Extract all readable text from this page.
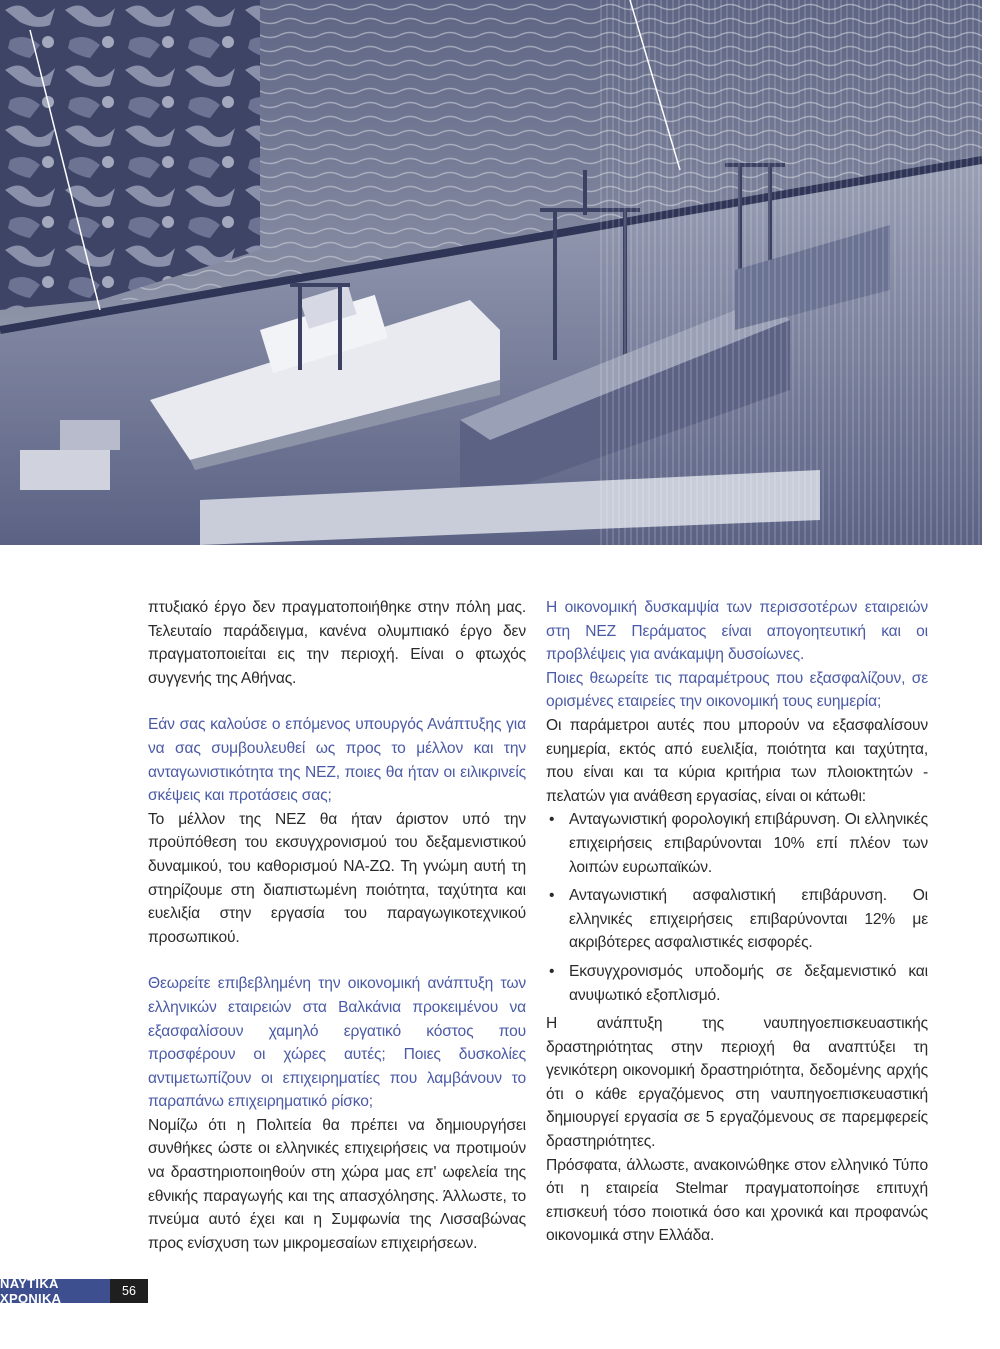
πτυξιακό έργο δεν πραγματοποιήθηκε στην πόλη μας. Τελευταίο παράδειγμα, κανένα ολυμπιακό έργο δεν πραγματοποιείται εις την περιοχή. Είναι ο φτωχός συγγενής της Αθήνας.

Εάν σας καλούσε ο επόμενος υπουργός Ανάπτυξης για να σας συμβουλευθεί ως προς το μέλλον και την ανταγωνιστικότητα της ΝΕΖ, ποιες θα ήταν οι ειλικρινείς σκέψεις και προτάσεις σας;

Το μέλλον της ΝΕΖ θα ήταν άριστον υπό την προϋπόθεση του εκσυγχρονισμού του δεξαμενιστικού δυναμικού, του καθορισμού ΝΑ-ΖΩ. Τη γνώμη αυτή τη στηρίζουμε στη διαπιστωμένη ποιότητα, ταχύτητα και ευελιξία στην εργασία του παραγωγικοτεχνικού προσωπικού.

Θεωρείτε επιβεβλημένη την οικονομική ανάπτυξη των ελληνικών εταιρειών στα Βαλκάνια προκειμένου να εξασφαλίσουν χαμηλό εργατικό κόστος που προσφέρουν οι χώρες αυτές; Ποιες δυσκολίες αντιμετωπίζουν οι επιχειρηματίες που λαμβάνουν το παραπάνω επιχειρηματικό ρίσκο;

Νομίζω ότι η Πολιτεία θα πρέπει να δημιουργήσει συνθήκες ώστε οι ελληνικές επιχειρήσεις να προτιμούν να δραστηριοποιηθούν στη χώρα μας επ' ωφελεία της εθνικής παραγωγής και της απασχόλησης. Άλλωστε, το πνεύμα αυτό έχει και η Συμφωνία της Λισσαβώνας προς ενίσχυση των μικρομεσαίων επιχειρήσεων.

Η οικονομική δυσκαμψία των περισσοτέρων εταιρειών στη ΝΕΖ Περάματος είναι απογοητευτική και οι προβλέψεις για ανάκαμψη δυσοίωνες.

Ποιες θεωρείτε τις παραμέτρους που εξασφαλίζουν, σε ορισμένες εταιρείες την οικονομική τους ευημερία;

Οι παράμετροι αυτές που μπορούν να εξασφαλίσουν ευημερία, εκτός από ευελιξία, ποιότητα και ταχύτητα, που είναι και τα κύρια κριτήρια των πλοιοκτητών - πελατών για ανάθεση εργασίας, είναι οι κάτωθι:

• Ανταγωνιστική φορολογική επιβάρυνση. Οι ελληνικές επιχειρήσεις επιβαρύνονται 10% επί πλέον των λοιπών ευρωπαϊκών.
• Ανταγωνιστική ασφαλιστική επιβάρυνση. Οι ελληνικές επιχειρήσεις επιβαρύνονται 12% με ακριβότερες ασφαλιστικές εισφορές.
• Εκσυγχρονισμός υποδομής σε δεξαμενιστικό και ανυψωτικό εξοπλισμό.

Η ανάπτυξη της ναυπηγοεπισκευαστικής δραστηριότητας στην περιοχή θα αναπτύξει τη γενικότερη οικονομική δραστηριότητα, δεδομένης αρχής ότι ο κάθε εργαζόμενος στη ναυπηγοεπισκευαστική δημιουργεί εργασία σε 5 εργαζόμενους σε παρεμφερείς δραστηριότητες.

Πρόσφατα, άλλωστε, ανακοινώθηκε στον ελληνικό Τύπο ότι η εταιρεία Stelmar πραγματοποίησε επιτυχή επισκευή τόσο ποιοτικά όσο και χρονικά και προφανώς οικονομικά στην Ελλάδα.

ΝΑΥΤΙΚΑ ΧΡΟΝΙΚΑ	56
